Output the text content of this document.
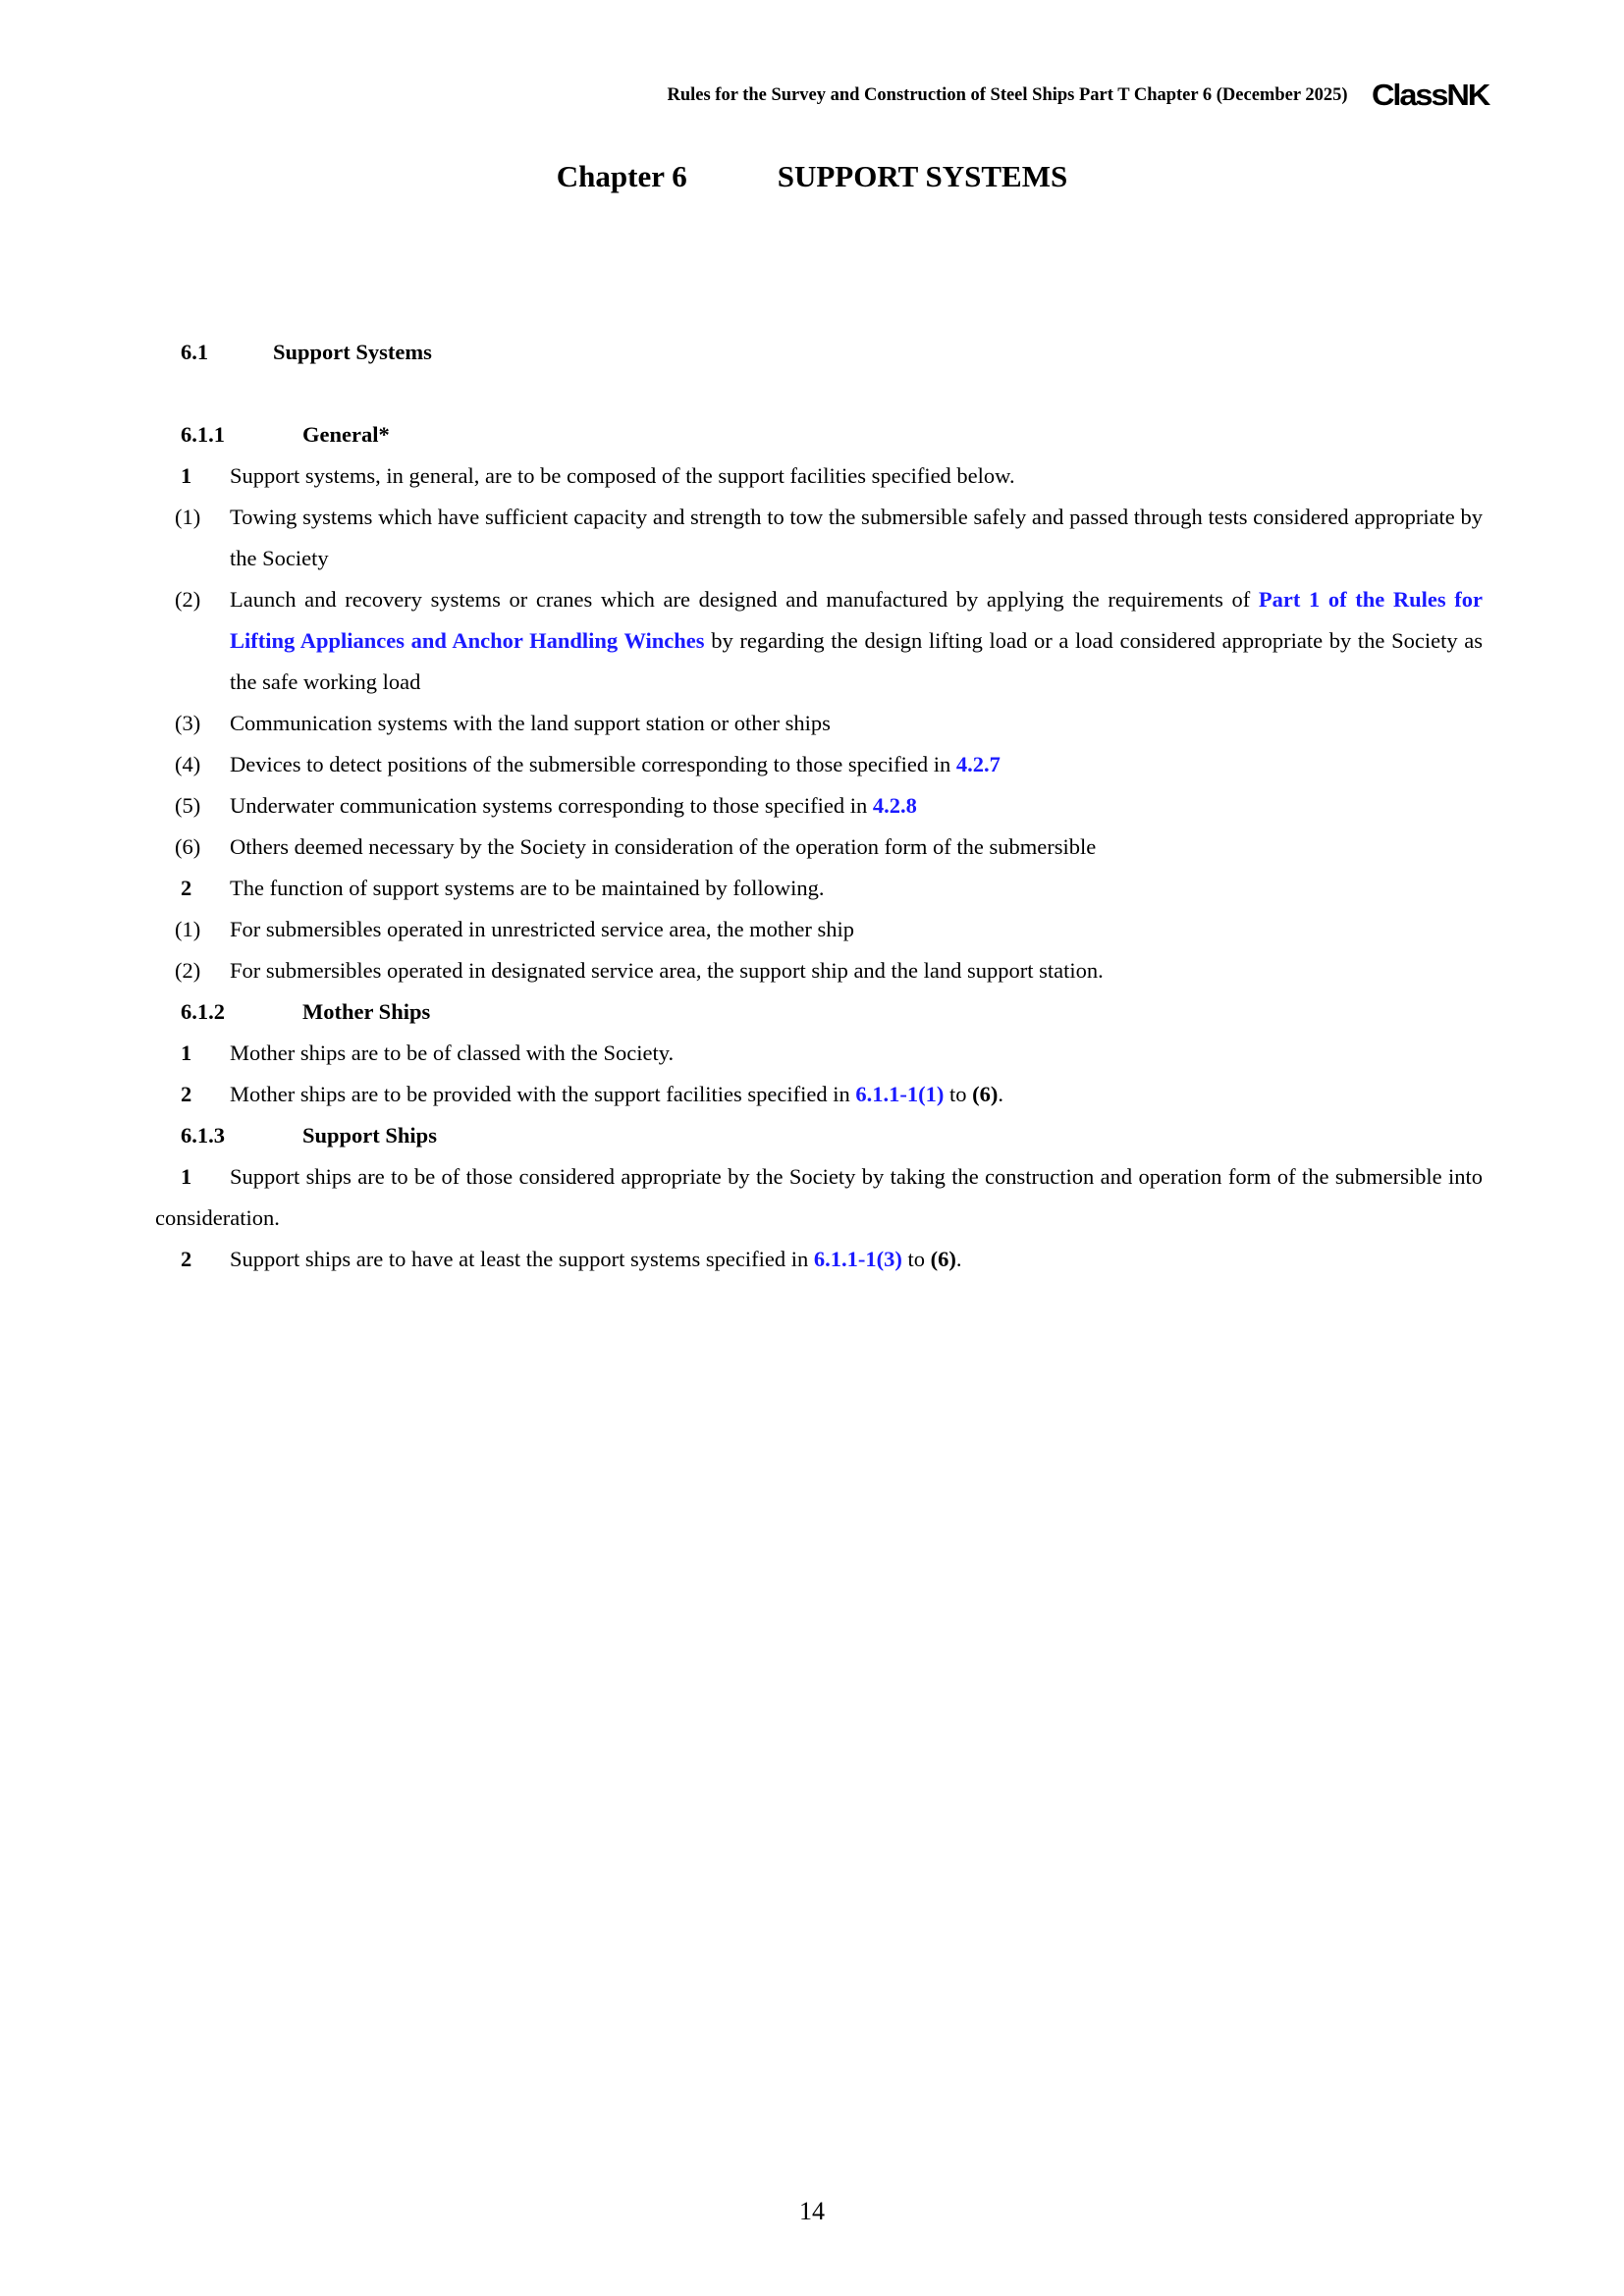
Rules for the Survey and Construction of Steel Ships Part T Chapter 6 (December 2025) ClassNK
Chapter 6	SUPPORT SYSTEMS
6.1	Support Systems
6.1.1	General*
1	Support systems, in general, are to be composed of the support facilities specified below.
(1)	Towing systems which have sufficient capacity and strength to tow the submersible safely and passed through tests considered appropriate by the Society
(2)	Launch and recovery systems or cranes which are designed and manufactured by applying the requirements of Part 1 of the Rules for Lifting Appliances and Anchor Handling Winches by regarding the design lifting load or a load considered appropriate by the Society as the safe working load
(3)	Communication systems with the land support station or other ships
(4)	Devices to detect positions of the submersible corresponding to those specified in 4.2.7
(5)	Underwater communication systems corresponding to those specified in 4.2.8
(6)	Others deemed necessary by the Society in consideration of the operation form of the submersible
2	The function of support systems are to be maintained by following.
(1)	For submersibles operated in unrestricted service area, the mother ship
(2)	For submersibles operated in designated service area, the support ship and the land support station.
6.1.2	Mother Ships
1	Mother ships are to be of classed with the Society.
2	Mother ships are to be provided with the support facilities specified in 6.1.1-1(1) to (6).
6.1.3	Support Ships
1 Support ships are to be of those considered appropriate by the Society by taking the construction and operation form of the submersible into consideration.
2	Support ships are to have at least the support systems specified in 6.1.1-1(3) to (6).
14
